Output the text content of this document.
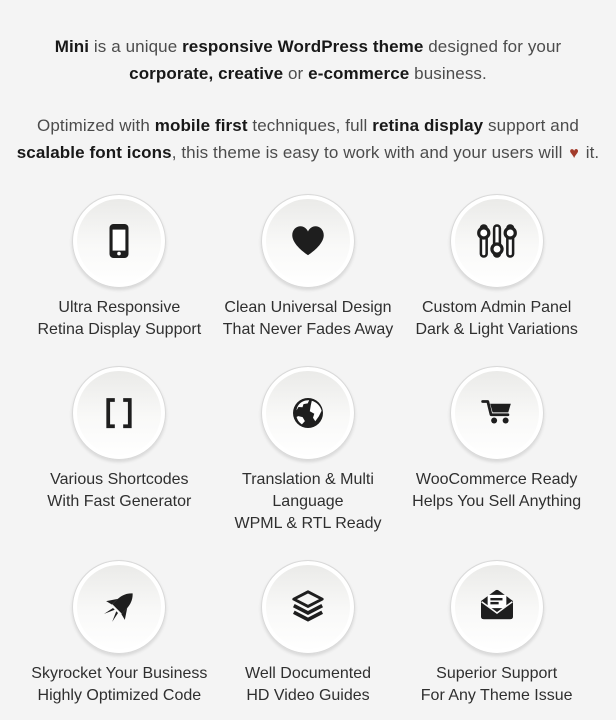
Mini is a unique responsive WordPress theme designed for your
corporate, creative or e-commerce business.

Optimized with mobile first techniques, full retina display support and
scalable font icons, this theme is easy to work with and your users will ♥ it.

Ultra Responsive
Retina Display Support
Clean Universal Design
That Never Fades Away
Custom Admin Panel
Dark & Light Variations
Various Shortcodes
With Fast Generator
Translation & Multi Language
WPML & RTL Ready
WooCommerce Ready
Helps You Sell Anything
Skyrocket Your Business
Highly Optimized Code
Well Documented
HD Video Guides
Superior Support
For Any Theme Issue
